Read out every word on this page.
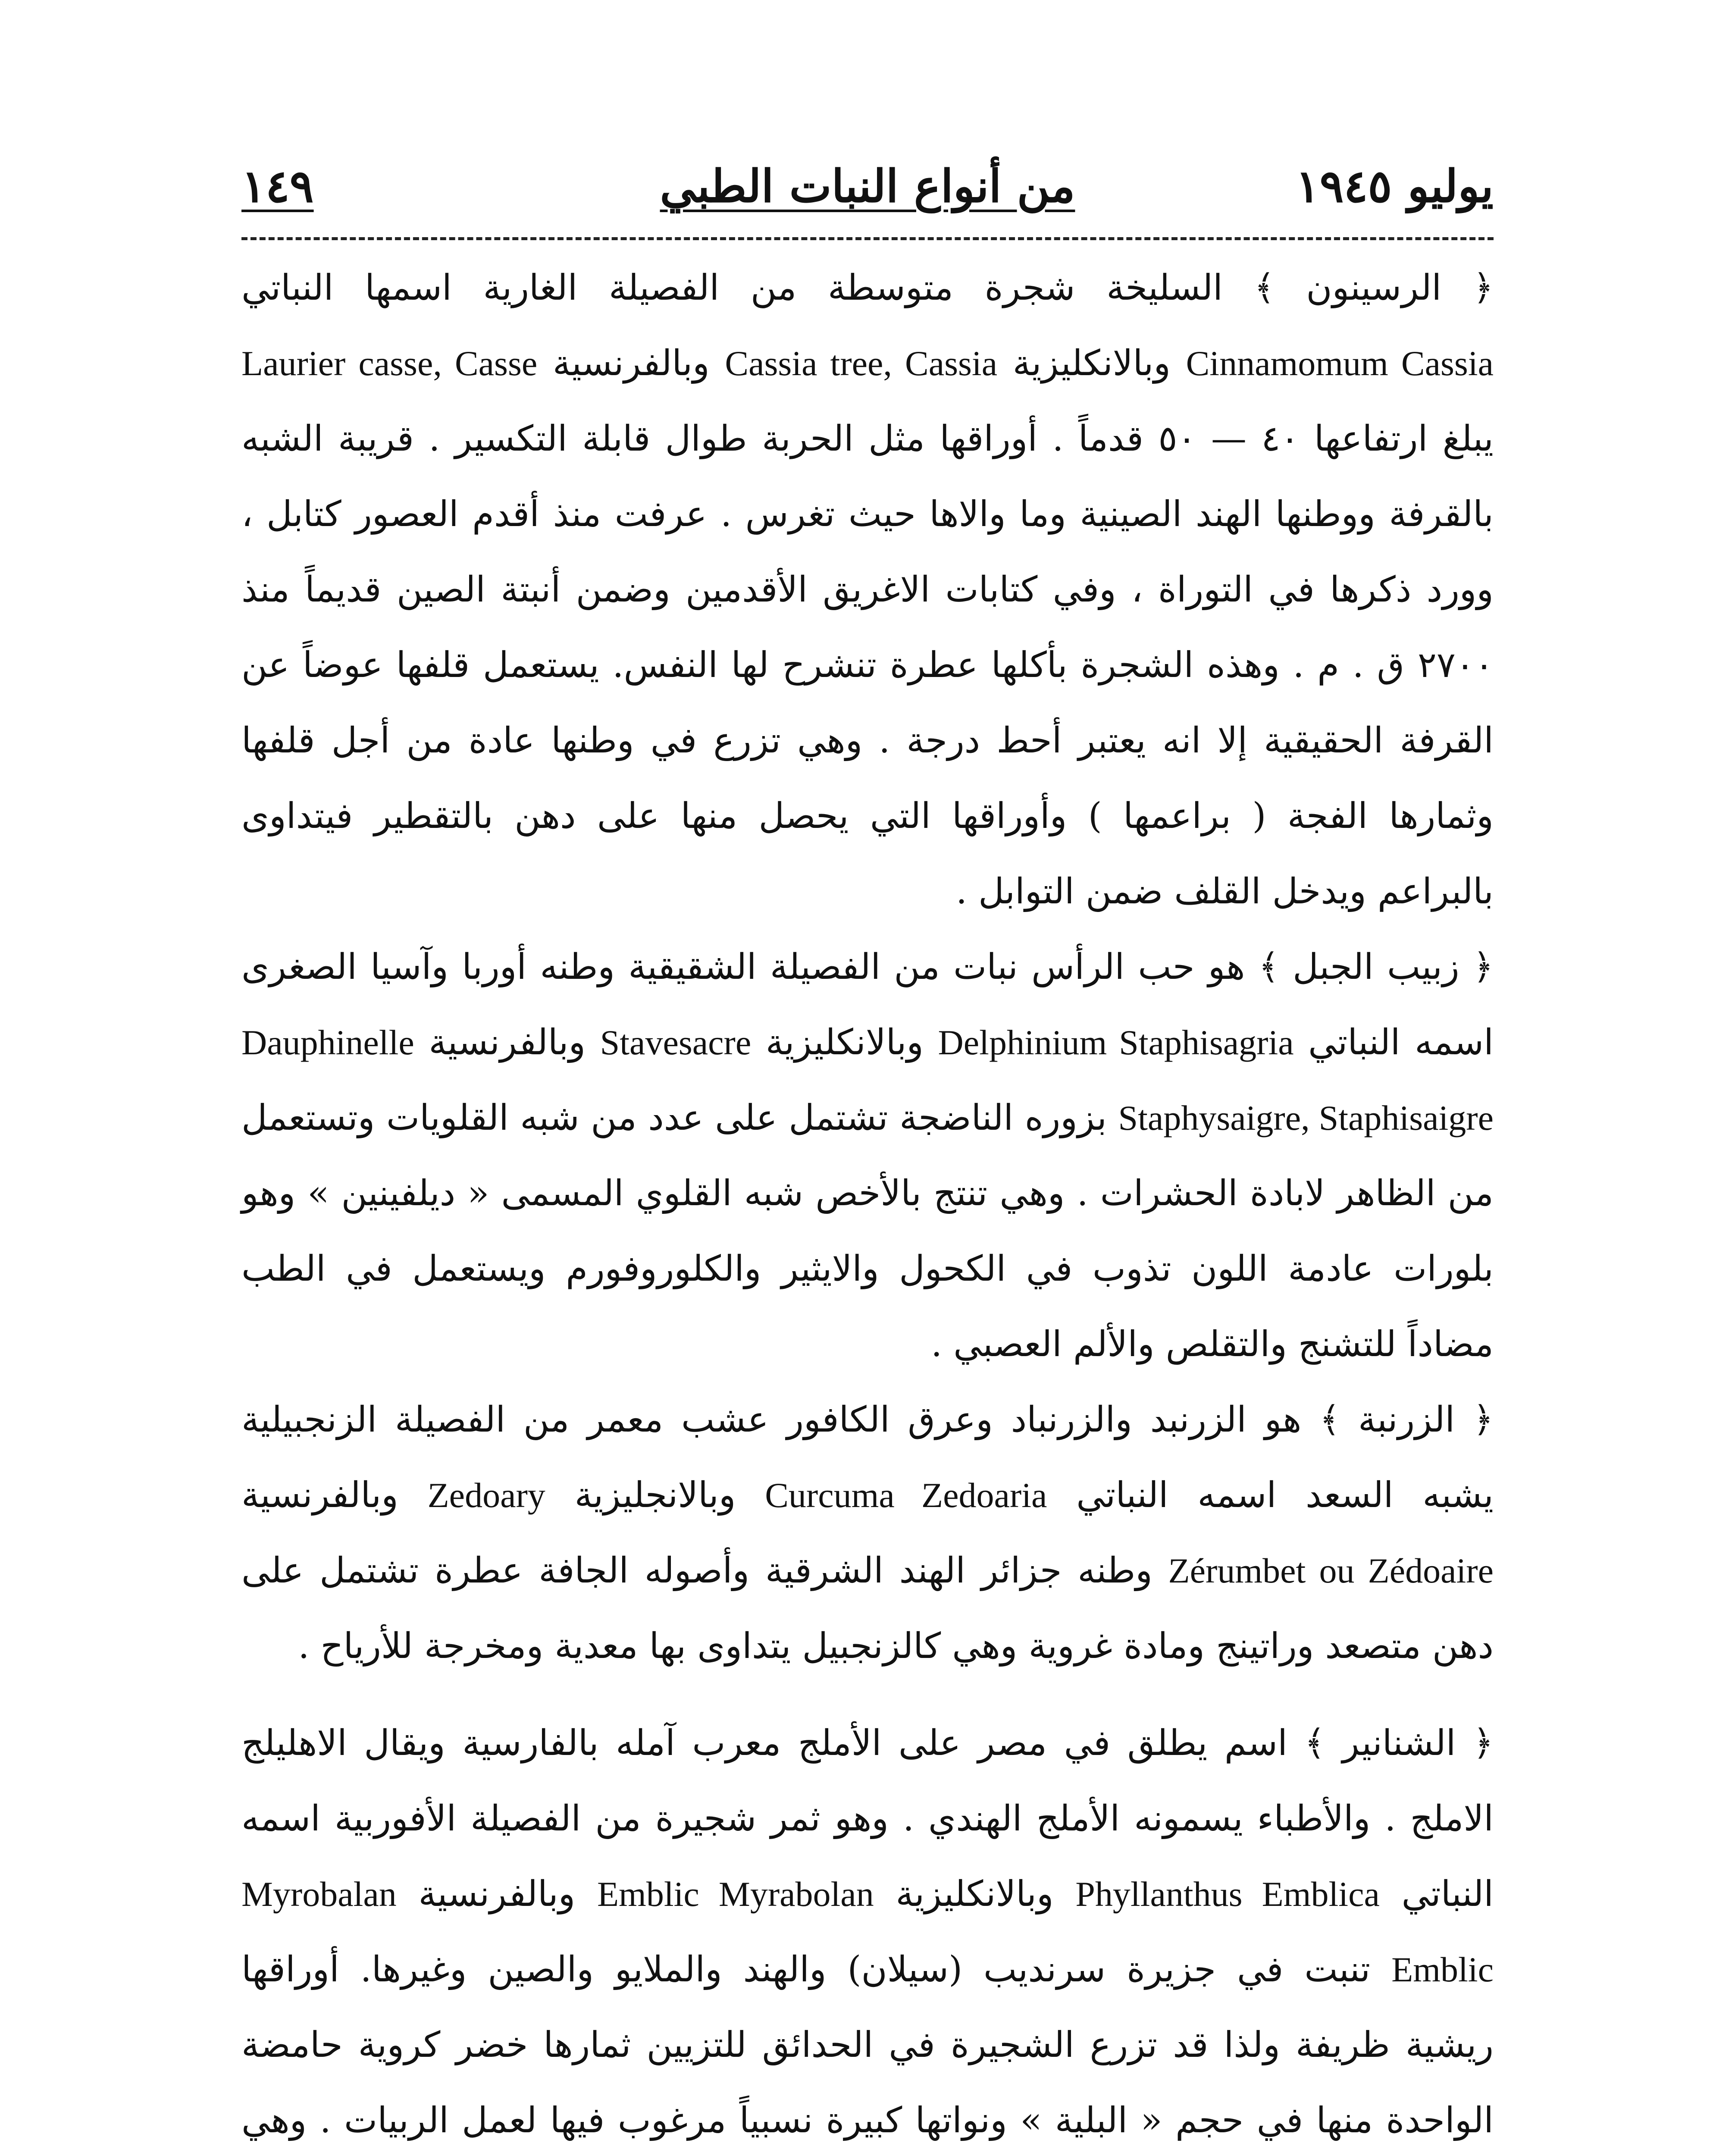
يوليو ١٩٤٥
من أنواع النبات الطبي
١٤٩

﴿ الرسينون ﴾ السليخة شجرة متوسطة من الفصيلة الغارية اسمها النباتي Cinnamomum Cassia وبالانكليزية Cassia tree, Cassia وبالفرنسية Laurier casse, Casse يبلغ ارتفاعها ٤٠ — ٥٠ قدماً . أوراقها مثل الحربة طوال قابلة التكسير . قريبة الشبه بالقرفة ووطنها الهند الصينية وما والاها حيث تغرس . عرفت منذ أقدم العصور كتابل ، وورد ذكرها في التوراة ، وفي كتابات الاغريق الأقدمين وضمن أنبتة الصين قديماً منذ ٢٧٠٠ ق . م . وهذه الشجرة بأكلها عطرة تنشرح لها النفس. يستعمل قلفها عوضاً عن القرفة الحقيقية إلا انه يعتبر أحط درجة . وهي تزرع في وطنها عادة من أجل قلفها وثمارها الفجة ( براعمها ) وأوراقها التي يحصل منها على دهن بالتقطير فيتداوى بالبراعم ويدخل القلف ضمن التوابل .

﴿ زبيب الجبل ﴾ هو حب الرأس نبات من الفصيلة الشقيقية وطنه أوربا وآسيا الصغرى اسمه النباتي Delphinium Staphisagria وبالانكليزية Stavesacre وبالفرنسية Dauphinelle Staphysaigre, Staphisaigre بزوره الناضجة تشتمل على عدد من شبه القلويات وتستعمل من الظاهر لابادة الحشرات . وهي تنتج بالأخص شبه القلوي المسمى « ديلفينين » وهو بلورات عادمة اللون تذوب في الكحول والايثير والكلوروفورم ويستعمل في الطب مضاداً للتشنج والتقلص والألم العصبي .

﴿ الزرنبة ﴾ هو الزرنبد والزرنباد وعرق الكافور عشب معمر من الفصيلة الزنجبيلية يشبه السعد اسمه النباتي Curcuma Zedoaria وبالانجليزية Zedoary وبالفرنسية Zérumbet ou Zédoaire وطنه جزائر الهند الشرقية وأصوله الجافة عطرة تشتمل على دهن متصعد وراتينج ومادة غروية وهي كالزنجبيل يتداوى بها معدية ومخرجة للأرياح .

﴿ الشنانير ﴾ اسم يطلق في مصر على الأملج معرب آمله بالفارسية ويقال الاهليلج الاملج . والأطباء يسمونه الأملج الهندي . وهو ثمر شجيرة من الفصيلة الأفوربية اسمه النباتي Phyllanthus Emblica وبالانكليزية Emblic Myrabolan وبالفرنسية Myrobalan Emblic تنبت في جزيرة سرنديب (سيلان) والهند والملايو والصين وغيرها. أوراقها ريشية ظريفة ولذا قد تزرع الشجيرة في الحدائق للتزيين ثمارها خضر كروية حامضة الواحدة منها في حجم « البلية » ونواتها كبيرة نسبياً مرغوب فيها لعمل الربيات . وهي
